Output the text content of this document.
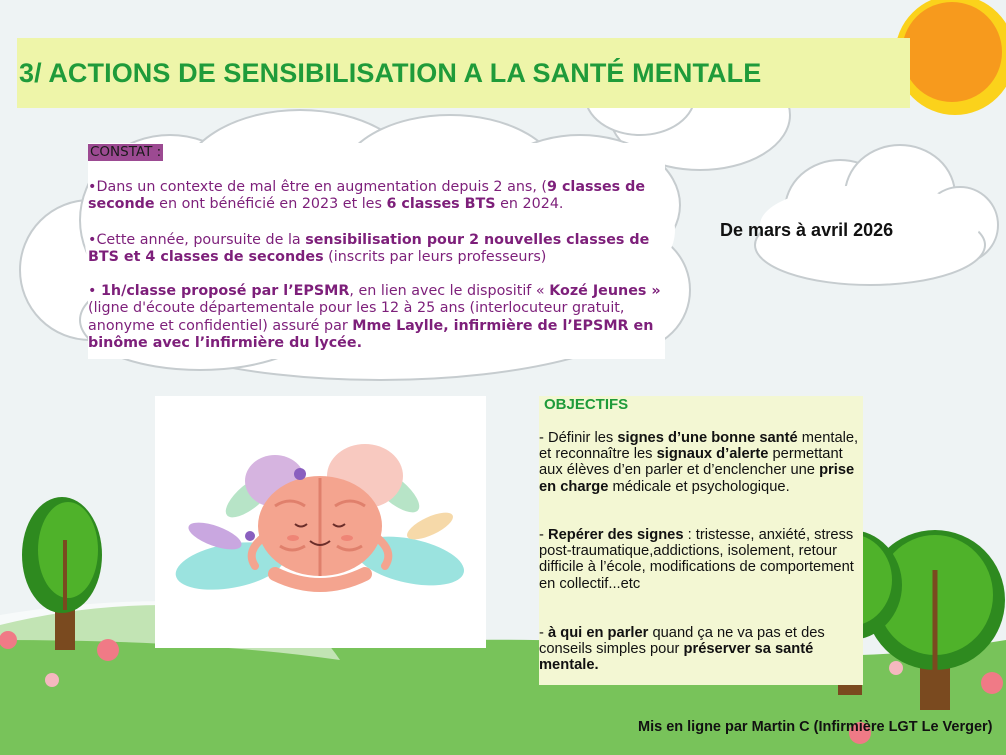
3/ ACTIONS DE SENSIBILISATION A LA SANTÉ MENTALE
CONSTAT :

•Dans un contexte de mal être en augmentation depuis 2 ans, (9 classes de seconde en ont bénéficié en 2023 et les 6 classes BTS en 2024.

•Cette année, poursuite de la sensibilisation pour 2 nouvelles classes de BTS et 4 classes de secondes (inscrits par leurs professeurs)

• 1h/classe proposé par l’EPSMR, en lien avec le dispositif « Kozé Jeunes » (ligne d'écoute départementale pour les 12 à 25 ans (interlocuteur gratuit, anonyme et confidentiel) assuré par Mme Laylle, infirmière de l’EPSMR en binôme avec l’infirmière du lycée.

De mars à avril 2026
OBJECTIFS

- Définir les signes d’une bonne santé mentale, et reconnaître les signaux d’alerte permettant aux élèves d’en parler et d’enclencher une prise en charge médicale et psychologique.

- Repérer des signes : tristesse, anxiété, stress post-traumatique,addictions, isolement, retour difficile à l’école, modifications de comportement en collectif...etc

- à qui en parler quand ça ne va pas et des conseils simples pour préserver sa santé mentale.

Mis en ligne par Martin C (Infirmière LGT Le Verger)
